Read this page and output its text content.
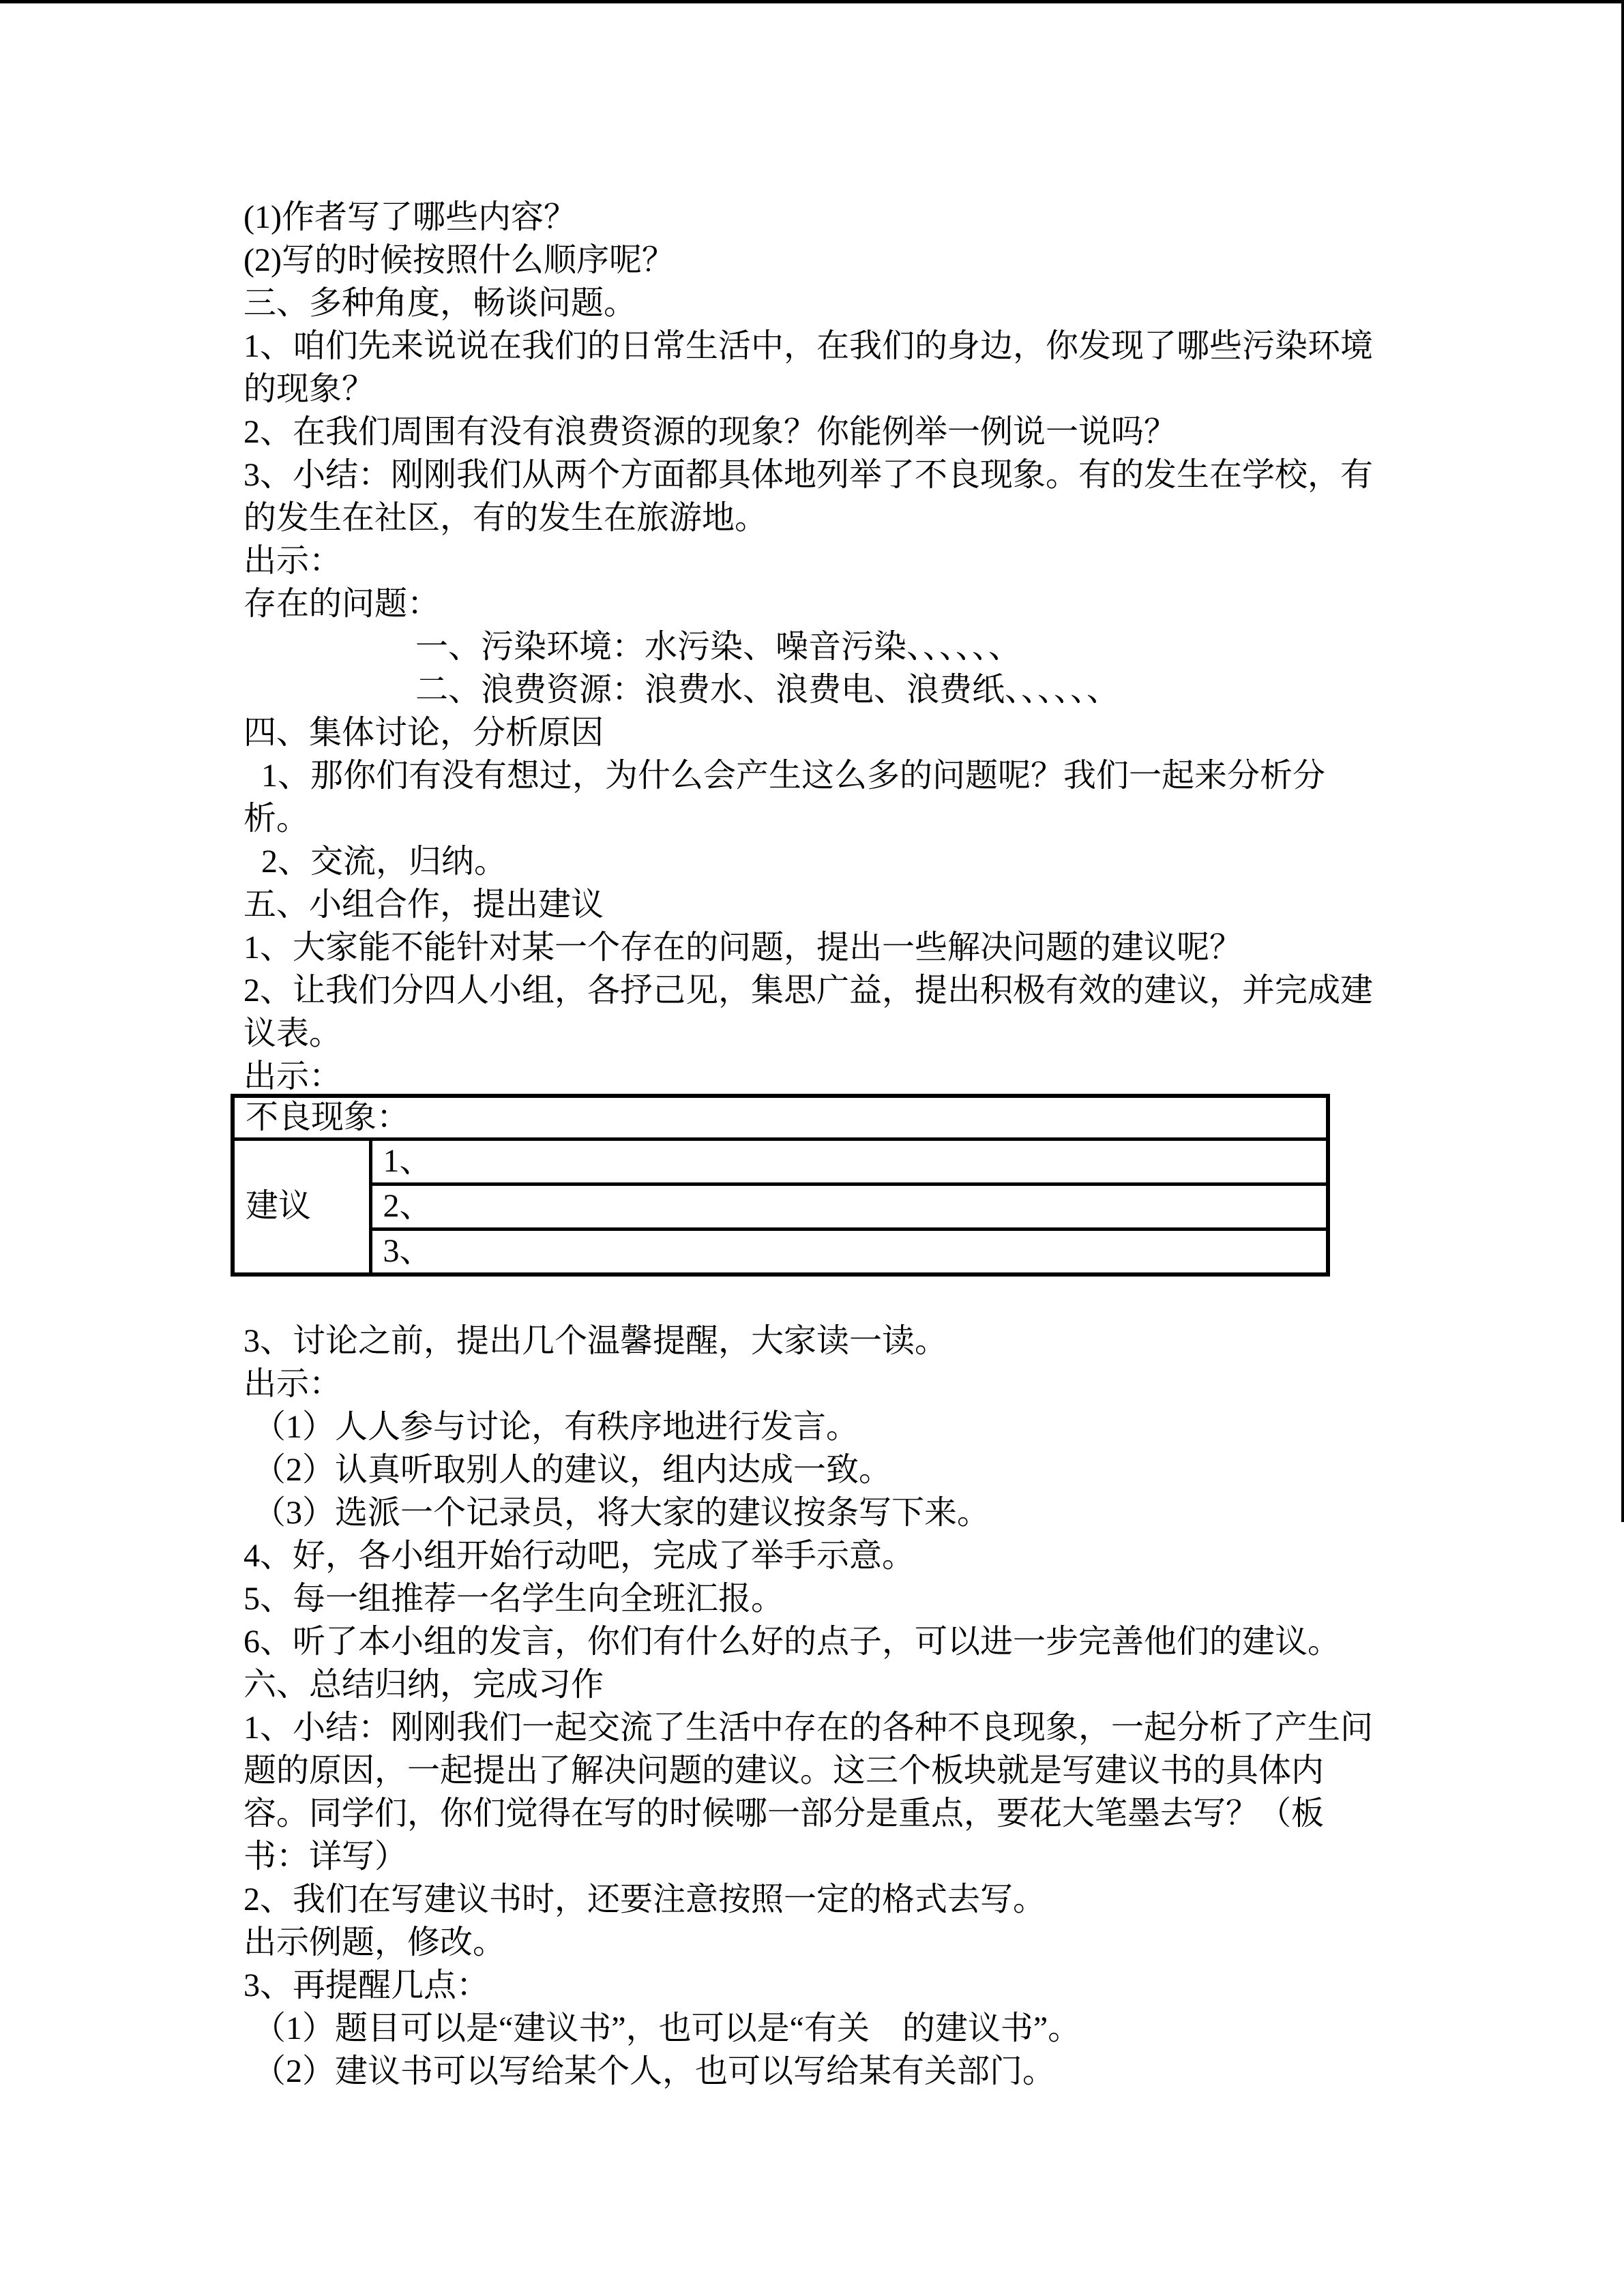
(1)作者写了哪些内容？
(2)写的时候按照什么顺序呢？
三、多种角度，畅谈问题。
1、咱们先来说说在我们的日常生活中，在我们的身边，你发现了哪些污染环境
的现象？
2、在我们周围有没有浪费资源的现象？你能例举一例说一说吗？
3、小结：刚刚我们从两个方面都具体地列举了不良现象。有的发生在学校，有
的发生在社区，有的发生在旅游地。
出示：
存在的问题：
一、污染环境：水污染、噪音污染、、、、、、
二、浪费资源：浪费水、浪费电、浪费纸、、、、、、
四、集体讨论，分析原因
1、那你们有没有想过，为什么会产生这么多的问题呢？我们一起来分析分
析。
2、交流，归纳。
五、小组合作，提出建议
1、大家能不能针对某一个存在的问题，提出一些解决问题的建议呢？
2、让我们分四人小组，各抒己见，集思广益，提出积极有效的建议，并完成建
议表。
出示：
不良现象：
建议	1、
2、
3、
3、讨论之前，提出几个温馨提醒，大家读一读。
出示：
（1）人人参与讨论，有秩序地进行发言。
（2）认真听取别人的建议，组内达成一致。
（3）选派一个记录员，将大家的建议按条写下来。
4、好，各小组开始行动吧，完成了举手示意。
5、每一组推荐一名学生向全班汇报。
6、听了本小组的发言，你们有什么好的点子，可以进一步完善他们的建议。
六、总结归纳，完成习作
1、小结：刚刚我们一起交流了生活中存在的各种不良现象，一起分析了产生问
题的原因，一起提出了解决问题的建议。这三个板块就是写建议书的具体内
容。同学们，你们觉得在写的时候哪一部分是重点，要花大笔墨去写？（板
书：详写）
2、我们在写建议书时，还要注意按照一定的格式去写。
出示例题，修改。
3、再提醒几点：
（1）题目可以是“建议书”，也可以是“有关　的建议书”。
（2）建议书可以写给某个人，也可以写给某有关部门。
